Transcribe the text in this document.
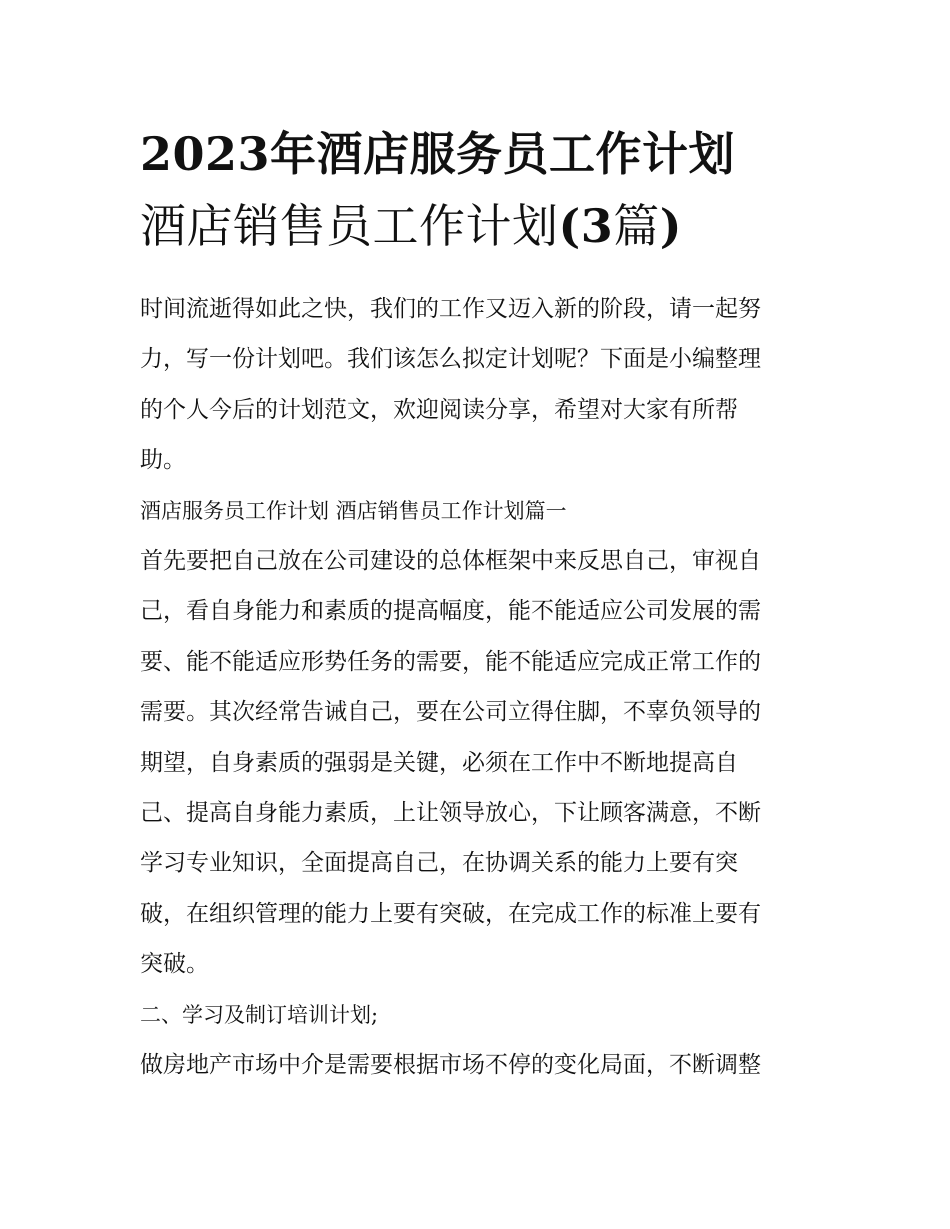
2023年酒店服务员工作计划
酒店销售员工作计划(3篇)

时间流逝得如此之快，我们的工作又迈入新的阶段，请一起努
力，写一份计划吧。我们该怎么拟定计划呢？下面是小编整理
的个人今后的计划范文，欢迎阅读分享，希望对大家有所帮
助。

酒店服务员工作计划 酒店销售员工作计划篇一

首先要把自己放在公司建设的总体框架中来反思自己，审视自
己，看自身能力和素质的提高幅度，能不能适应公司发展的需
要、能不能适应形势任务的需要，能不能适应完成正常工作的
需要。其次经常告诫自己，要在公司立得住脚，不辜负领导的
期望，自身素质的强弱是关键，必须在工作中不断地提高自
己、提高自身能力素质，上让领导放心，下让顾客满意，不断
学习专业知识，全面提高自己，在协调关系的能力上要有突
破，在组织管理的能力上要有突破，在完成工作的标准上要有
突破。

二、学习及制订培训计划;

做房地产市场中介是需要根据市场不停的变化局面，不断调整
